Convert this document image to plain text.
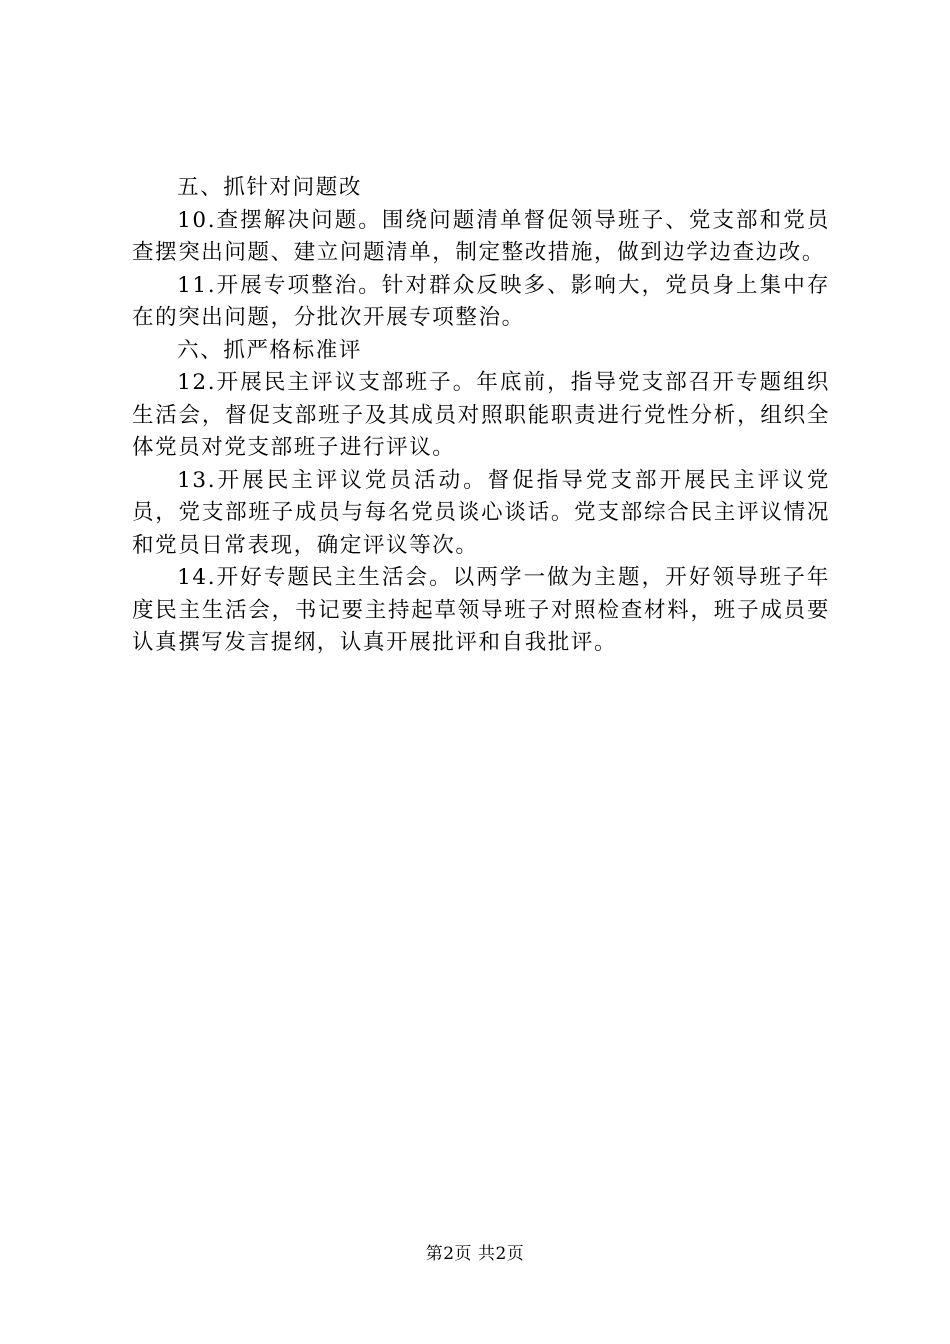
五、抓针对问题改

10.查摆解决问题。围绕问题清单督促领导班子、党支部和党员查摆突出问题、建立问题清单，制定整改措施，做到边学边查边改。

11.开展专项整治。针对群众反映多、影响大，党员身上集中存在的突出问题，分批次开展专项整治。

六、抓严格标准评

12.开展民主评议支部班子。年底前，指导党支部召开专题组织生活会，督促支部班子及其成员对照职能职责进行党性分析，组织全体党员对党支部班子进行评议。

13.开展民主评议党员活动。督促指导党支部开展民主评议党员，党支部班子成员与每名党员谈心谈话。党支部综合民主评议情况和党员日常表现，确定评议等次。

14.开好专题民主生活会。以两学一做为主题，开好领导班子年度民主生活会，书记要主持起草领导班子对照检查材料，班子成员要认真撰写发言提纲，认真开展批评和自我批评。

第2页 共2页
